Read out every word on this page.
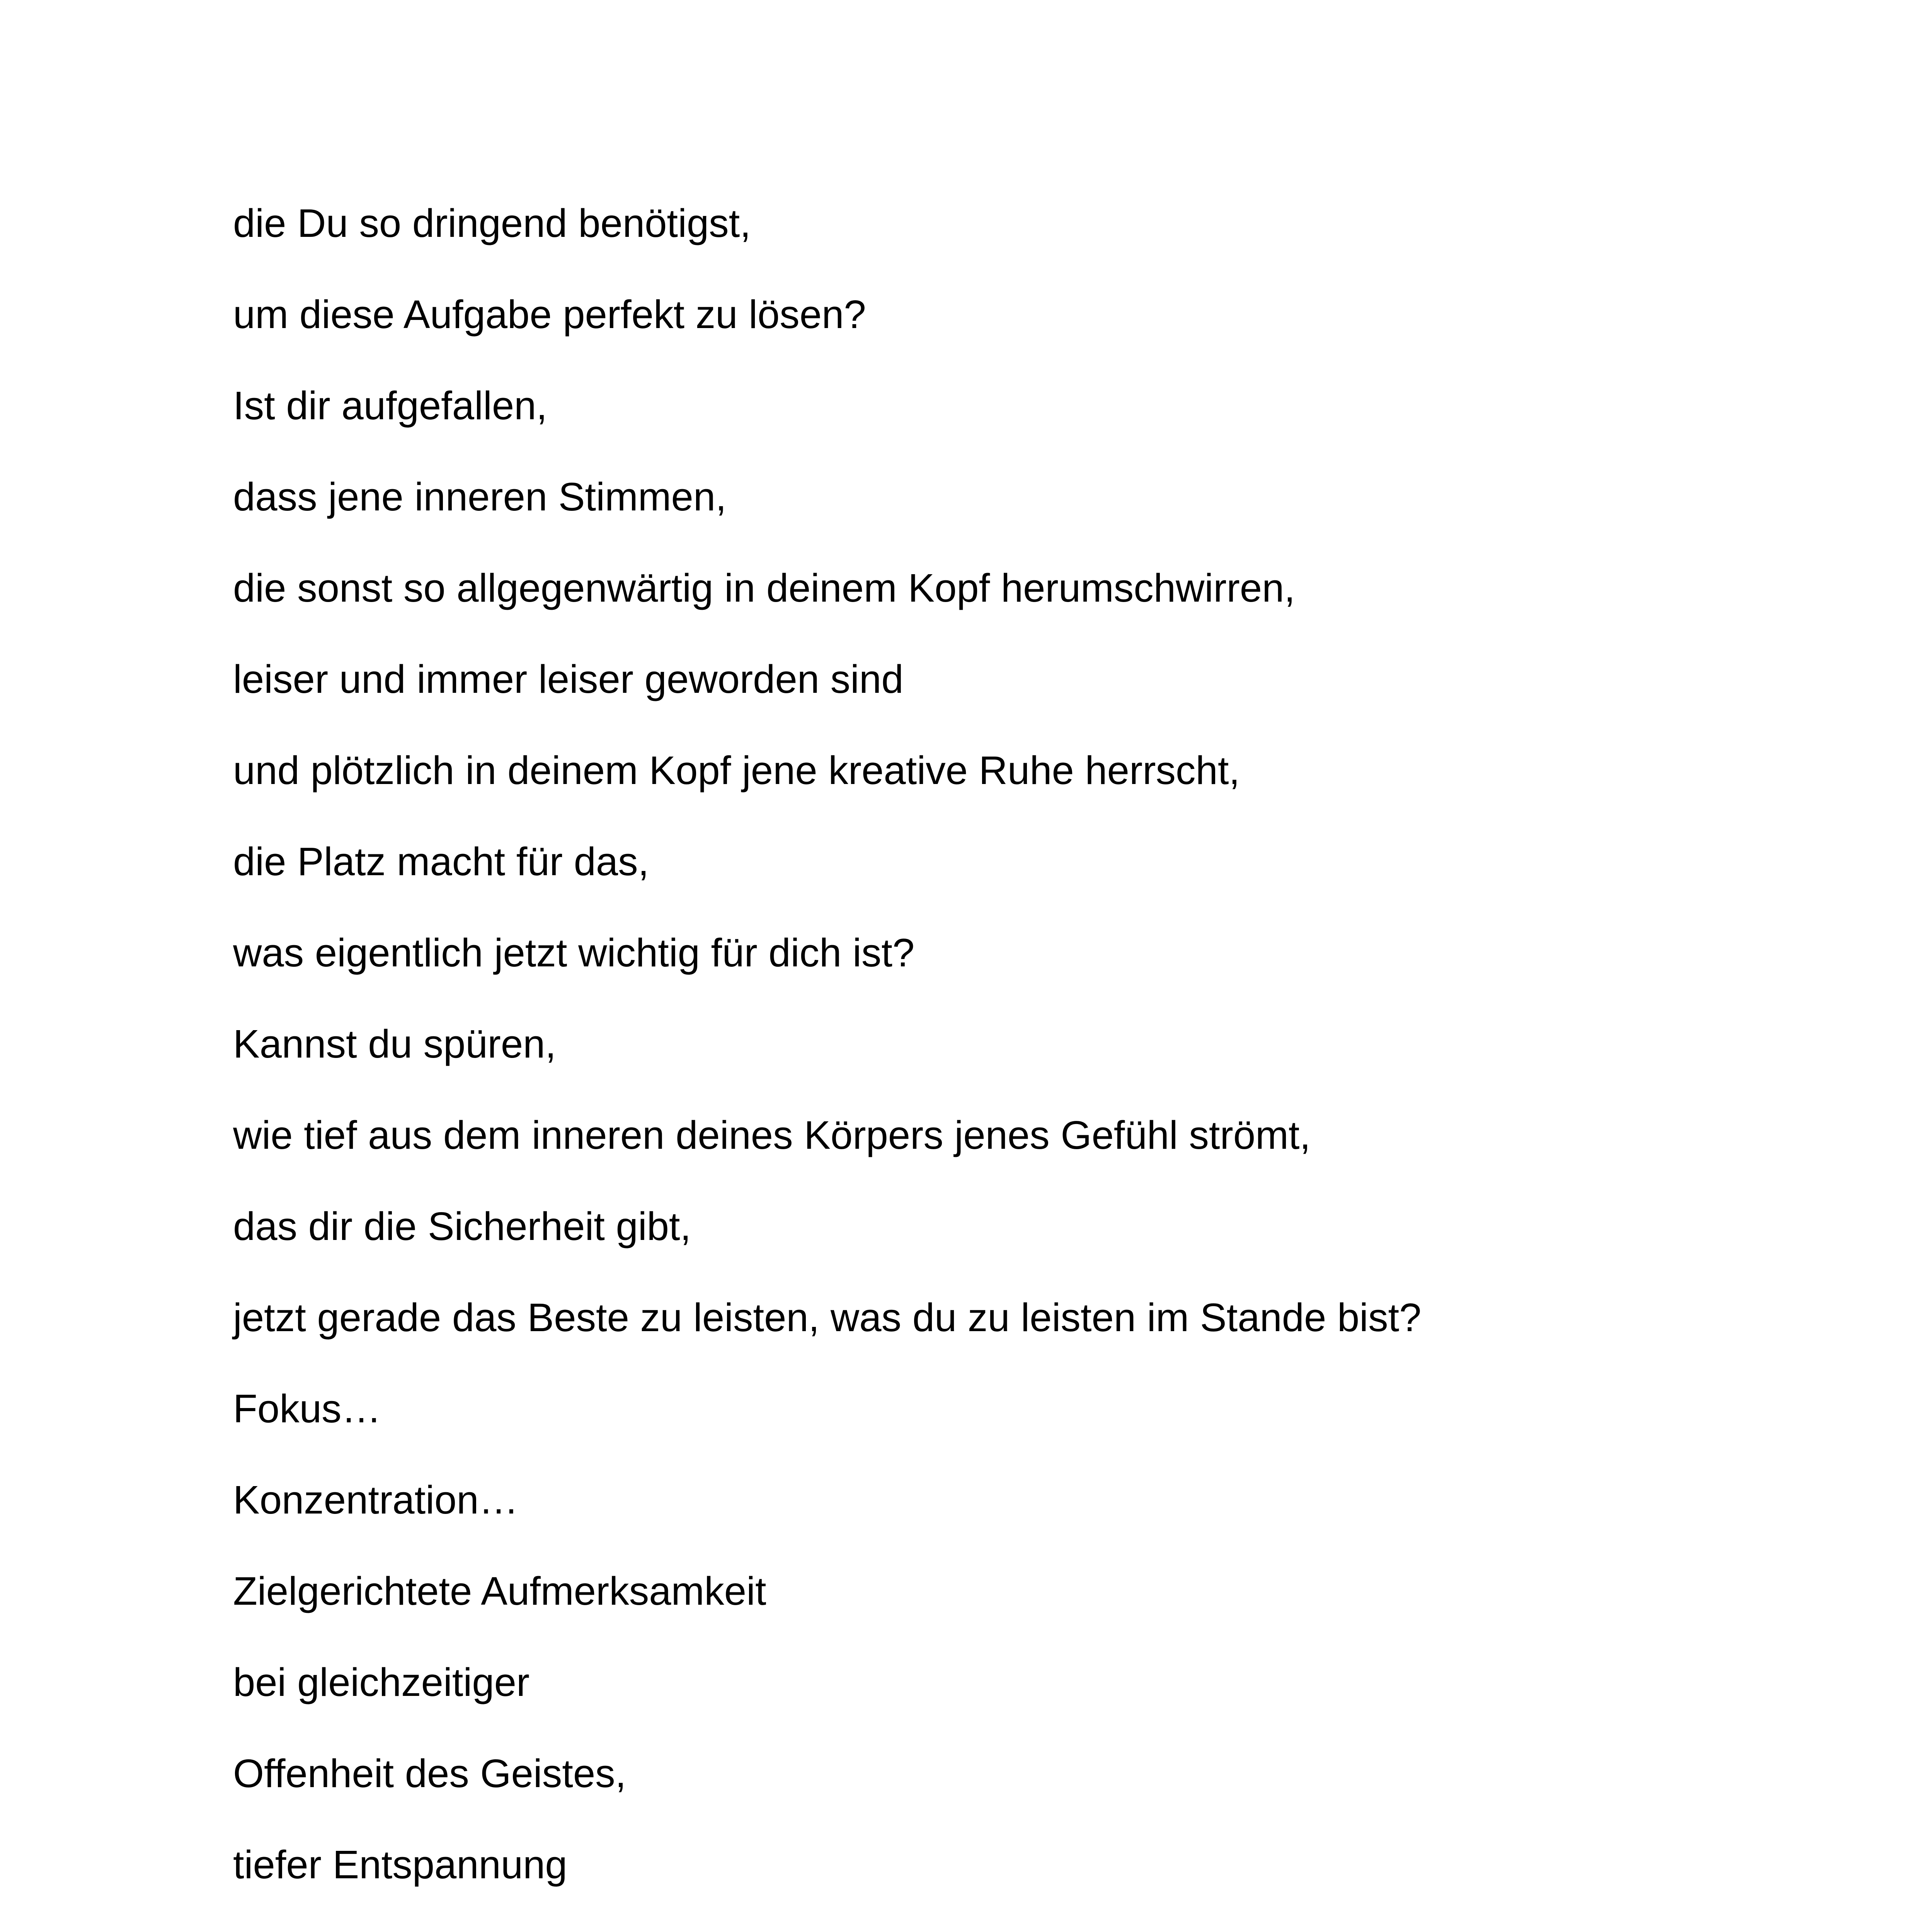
die Du so dringend benötigst,
um diese Aufgabe perfekt zu lösen?
Ist dir aufgefallen,
dass jene inneren Stimmen,
die sonst so allgegenwärtig in deinem Kopf herumschwirren,
leiser und immer leiser geworden sind
und plötzlich in deinem Kopf jene kreative Ruhe herrscht,
die Platz macht für das,
was eigentlich jetzt wichtig für dich ist?
Kannst du spüren,
wie tief aus dem inneren deines Körpers jenes Gefühl strömt,
das dir die Sicherheit gibt,
jetzt gerade das Beste zu leisten, was du zu leisten im Stande bist?
Fokus…
Konzentration…
Zielgerichtete Aufmerksamkeit
bei gleichzeitiger
Offenheit des Geistes,
tiefer Entspannung
